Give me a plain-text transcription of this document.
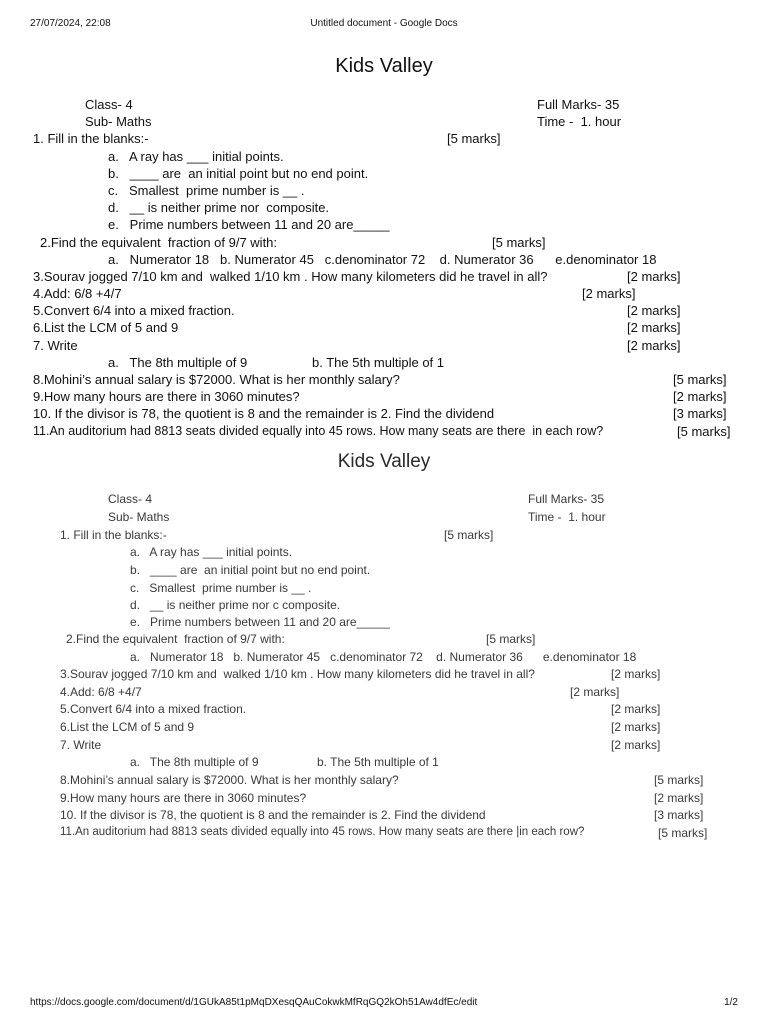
27/07/2024, 22:08	Untitled document - Google Docs
Kids Valley
Class- 4	Full Marks- 35
Sub- Maths	Time -  1. hour
1. Fill in the blanks:-	[5 marks]
a.   A ray has ___ initial points.
b.   ____ are  an initial point but no end point.
c.   Smallest  prime number is __ .
d.   __ is neither prime nor  composite.
e.   Prime numbers between 11 and 20 are_____
2.Find the equivalent  fraction of 9/7 with:	[5 marks]
a.   Numerator 18   b. Numerator 45   c.denominator 72    d. Numerator 36      e.denominator 18
3.Sourav jogged 7/10 km and  walked 1/10 km . How many kilometers did he travel in all?	[2 marks]
4.Add: 6/8 +4/7	[2 marks]
5.Convert 6/4 into a mixed fraction.	[2 marks]
6.List the LCM of 5 and 9	[2 marks]
7. Write	[2 marks]
a.   The 8th multiple of 9	b. The 5th multiple of 1
8.Mohini’s annual salary is $72000. What is her monthly salary?	[5 marks]
9.How many hours are there in 3060 minutes?	[2 marks]
10. If the divisor is 78, the quotient is 8 and the remainder is 2. Find the dividend	[3 marks]
11.An auditorium had 8813 seats divided equally into 45 rows. How many seats are there  in each row?	[5 marks]
Kids Valley
Class- 4	Full Marks- 35
Sub- Maths	Time -  1. hour
1. Fill in the blanks:-	[5 marks]
a.   A ray has ___ initial points.
b.   ____ are  an initial point but no end point.
c.   Smallest  prime number is __ .
d.   __ is neither prime nor c composite.
e.   Prime numbers between 11 and 20 are_____
2.Find the equivalent  fraction of 9/7 with:	[5 marks]
a.   Numerator 18   b. Numerator 45   c.denominator 72    d. Numerator 36      e.denominator 18
3.Sourav jogged 7/10 km and  walked 1/10 km . How many kilometers did he travel in all?	[2 marks]
4.Add: 6/8 +4/7	[2 marks]
5.Convert 6/4 into a mixed fraction.	[2 marks]
6.List the LCM of 5 and 9	[2 marks]
7. Write	[2 marks]
a.   The 8th multiple of 9	b. The 5th multiple of 1
8.Mohini’s annual salary is $72000. What is her monthly salary?	[5 marks]
9.How many hours are there in 3060 minutes?	[2 marks]
10. If the divisor is 78, the quotient is 8 and the remainder is 2. Find the dividend	[3 marks]
11.An auditorium had 8813 seats divided equally into 45 rows. How many seats are there |in each row?	[5 marks]
https://docs.google.com/document/d/1GUkA85t1pMqDXesqQAuCokwkMfRqGQ2kOh51Aw4dfEc/edit	1/2
